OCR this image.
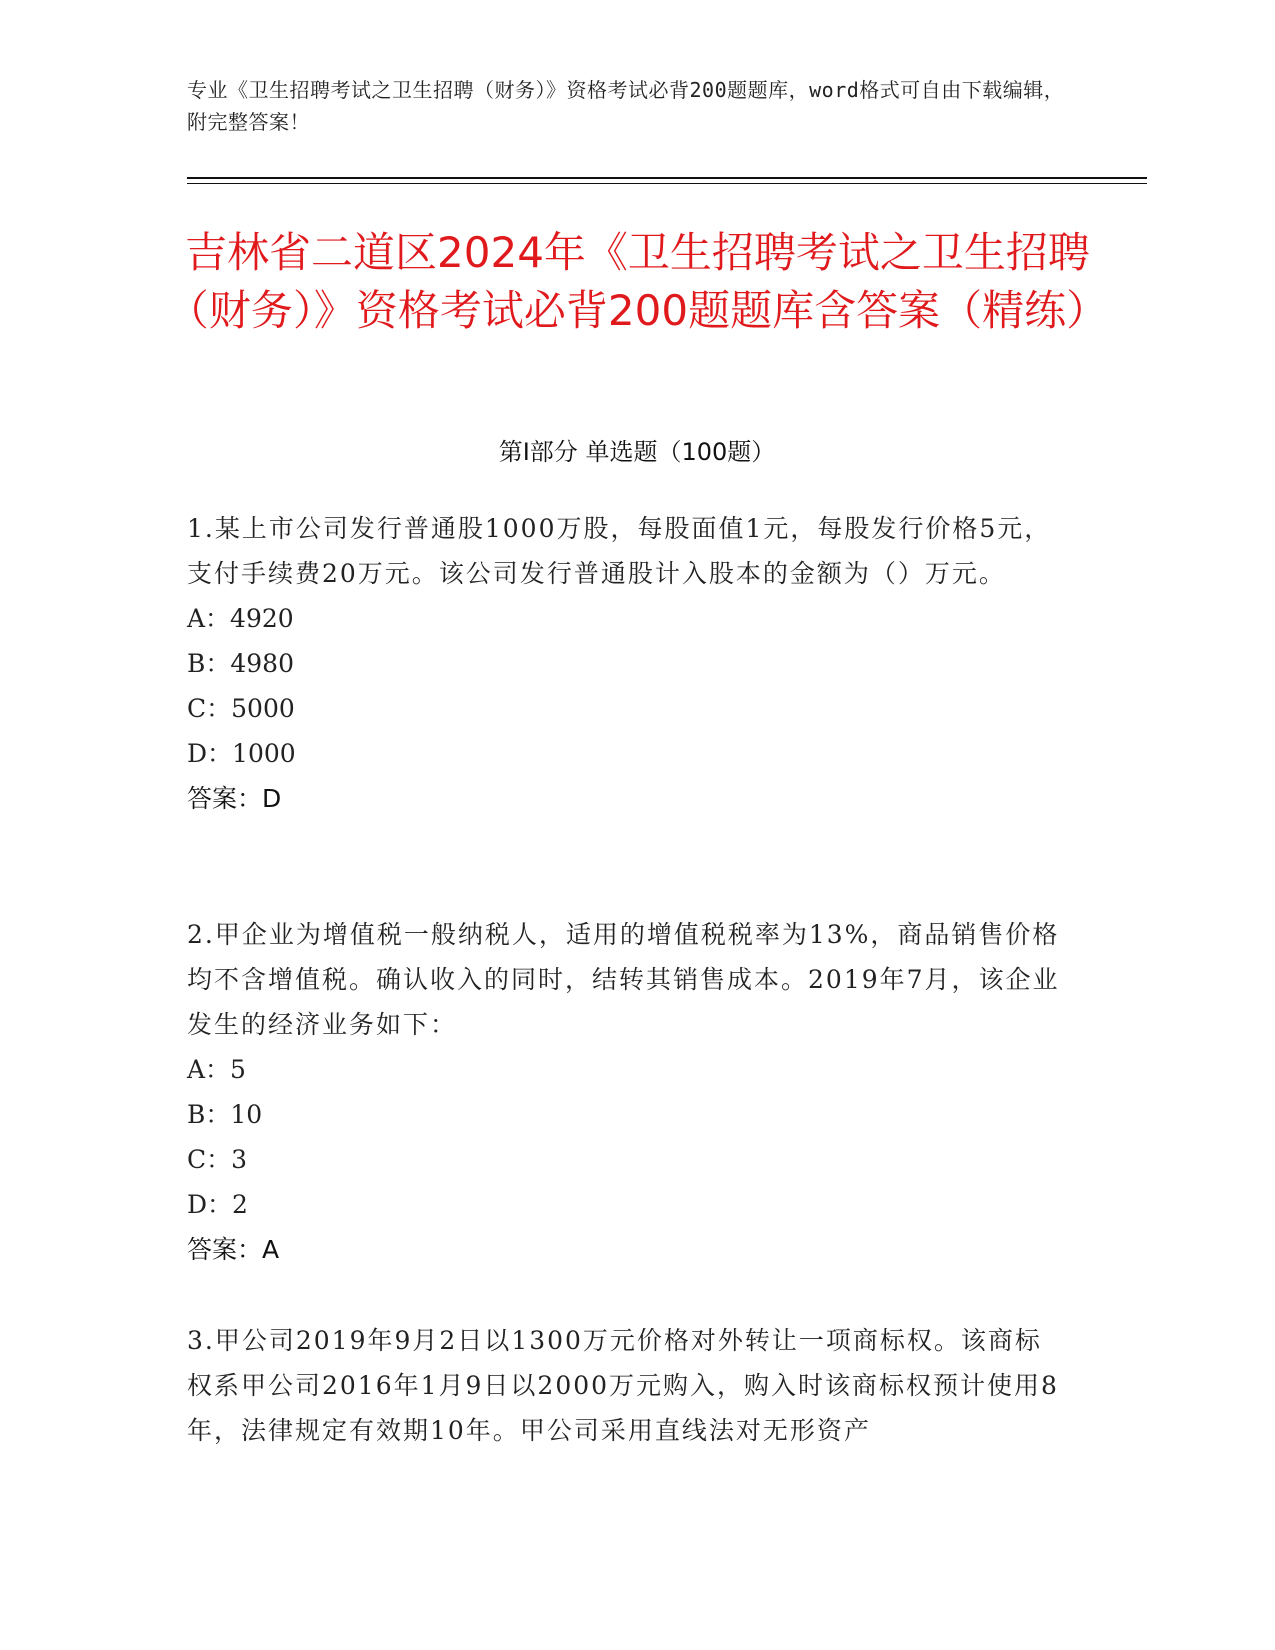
专业《卫生招聘考试之卫生招聘（财务）》资格考试必背200题题库，word格式可自由下载编辑，附完整答案！
吉林省二道区2024年《卫生招聘考试之卫生招聘（财务）》资格考试必背200题题库含答案（精练）
第I部分 单选题（100题）
1.某上市公司发行普通股1000万股，每股面值1元，每股发行价格5元，支付手续费20万元。该公司发行普通股计入股本的金额为（）万元。
A：4920
B：4980
C：5000
D：1000
答案：D
2.甲企业为增值税一般纳税人，适用的增值税税率为13%，商品销售价格均不含增值税。确认收入的同时，结转其销售成本。2019年7月，该企业发生的经济业务如下：
A：5
B：10
C：3
D：2
答案：A
3.甲公司2019年9月2日以1300万元价格对外转让一项商标权。该商标权系甲公司2016年1月9日以2000万元购入，购入时该商标权预计使用8年，法律规定有效期10年。甲公司采用直线法对无形资产
